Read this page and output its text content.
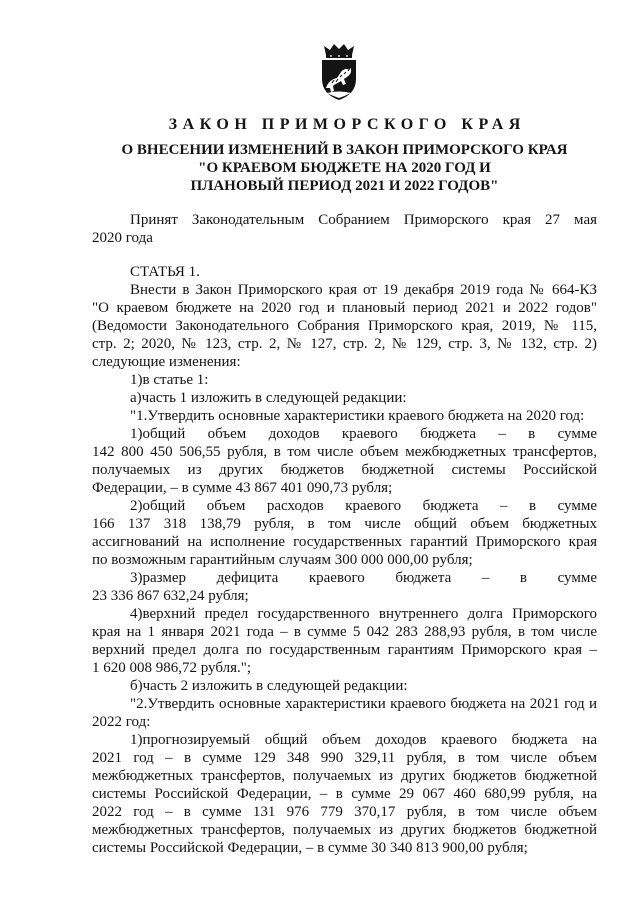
ЗАКОН ПРИМОРСКОГО КРАЯ
О ВНЕСЕНИИ ИЗМЕНЕНИЙ В ЗАКОН ПРИМОРСКОГО КРАЯ
"О КРАЕВОМ БЮДЖЕТЕ НА 2020 ГОД И
ПЛАНОВЫЙ ПЕРИОД 2021 И 2022 ГОДОВ"
Принят Законодательным Собранием Приморского края 27 мая
2020 года
СТАТЬЯ 1.
Внести в Закон Приморского края от 19 декабря 2019 года № 664-КЗ
"О краевом бюджете на 2020 год и плановый период 2021 и 2022 годов"
(Ведомости Законодательного Собрания Приморского края, 2019, № 115,
стр. 2; 2020, № 123, стр. 2, № 127, стр. 2, № 129, стр. 3, № 132, стр. 2)
следующие изменения:
1)в статье 1:
а)часть 1 изложить в следующей редакции:
"1.Утвердить основные характеристики краевого бюджета на 2020 год:
1)общий объем доходов краевого бюджета – в сумме
142 800 450 506,55 рубля, в том числе объем межбюджетных трансфертов,
получаемых из других бюджетов бюджетной системы Российской
Федерации, – в сумме 43 867 401 090,73 рубля;
2)общий объем расходов краевого бюджета – в сумме
166 137 318 138,79 рубля, в том числе общий объем бюджетных
ассигнований на исполнение государственных гарантий Приморского края
по возможным гарантийным случаям 300 000 000,00 рубля;
3)размер дефицита краевого бюджета – в сумме
23 336 867 632,24 рубля;
4)верхний предел государственного внутреннего долга Приморского
края на 1 января 2021 года – в сумме 5 042 283 288,93 рубля, в том числе
верхний предел долга по государственным гарантиям Приморского края –
1 620 008 986,72 рубля.";
б)часть 2 изложить в следующей редакции:
"2.Утвердить основные характеристики краевого бюджета на 2021 год и
2022 год:
1)прогнозируемый общий объем доходов краевого бюджета на
2021 год – в сумме 129 348 990 329,11 рубля, в том числе объем
межбюджетных трансфертов, получаемых из других бюджетов бюджетной
системы Российской Федерации, – в сумме 29 067 460 680,99 рубля, на
2022 год – в сумме 131 976 779 370,17 рубля, в том числе объем
межбюджетных трансфертов, получаемых из других бюджетов бюджетной
системы Российской Федерации, – в сумме 30 340 813 900,00 рубля;
